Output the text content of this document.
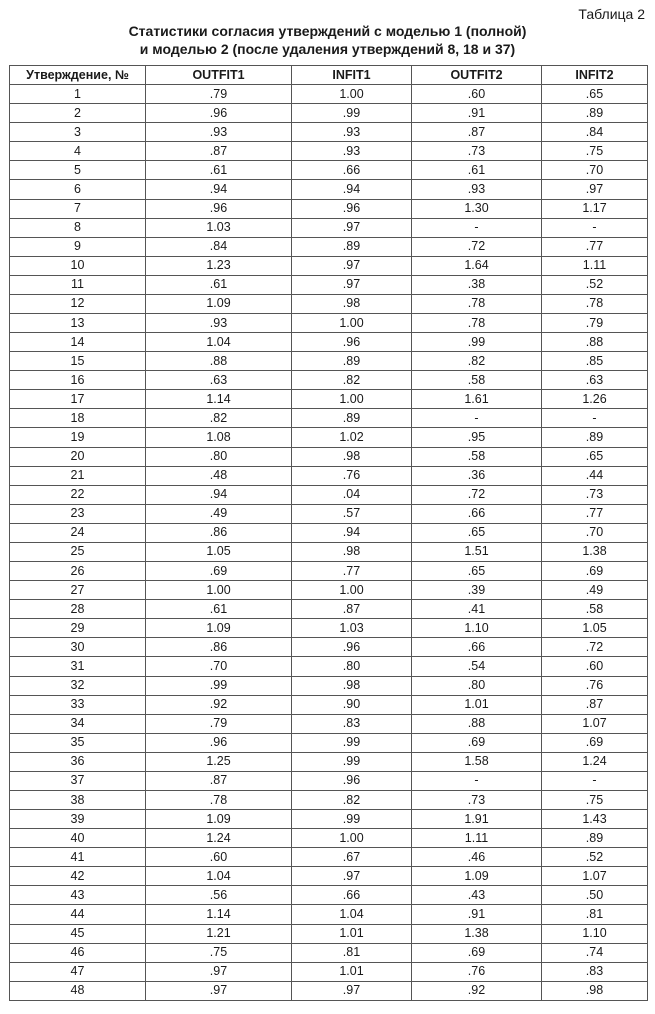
Таблица 2
Статистики согласия утверждений с моделью 1 (полной)
и моделью 2 (после удаления утверждений 8, 18 и 37)
Утверждение, №	OUTFIT1	INFIT1	OUTFIT2	INFIT2
1	.79	1.00	.60	.65
2	.96	.99	.91	.89
3	.93	.93	.87	.84
4	.87	.93	.73	.75
5	.61	.66	.61	.70
6	.94	.94	.93	.97
7	.96	.96	1.30	1.17
8	1.03	.97	-	-
9	.84	.89	.72	.77
10	1.23	.97	1.64	1.11
11	.61	.97	.38	.52
12	1.09	.98	.78	.78
13	.93	1.00	.78	.79
14	1.04	.96	.99	.88
15	.88	.89	.82	.85
16	.63	.82	.58	.63
17	1.14	1.00	1.61	1.26
18	.82	.89	-	-
19	1.08	1.02	.95	.89
20	.80	.98	.58	.65
21	.48	.76	.36	.44
22	.94	.04	.72	.73
23	.49	.57	.66	.77
24	.86	.94	.65	.70
25	1.05	.98	1.51	1.38
26	.69	.77	.65	.69
27	1.00	1.00	.39	.49
28	.61	.87	.41	.58
29	1.09	1.03	1.10	1.05
30	.86	.96	.66	.72
31	.70	.80	.54	.60
32	.99	.98	.80	.76
33	.92	.90	1.01	.87
34	.79	.83	.88	1.07
35	.96	.99	.69	.69
36	1.25	.99	1.58	1.24
37	.87	.96	-	-
38	.78	.82	.73	.75
39	1.09	.99	1.91	1.43
40	1.24	1.00	1.11	.89
41	.60	.67	.46	.52
42	1.04	.97	1.09	1.07
43	.56	.66	.43	.50
44	1.14	1.04	.91	.81
45	1.21	1.01	1.38	1.10
46	.75	.81	.69	.74
47	.97	1.01	.76	.83
48	.97	.97	.92	.98
